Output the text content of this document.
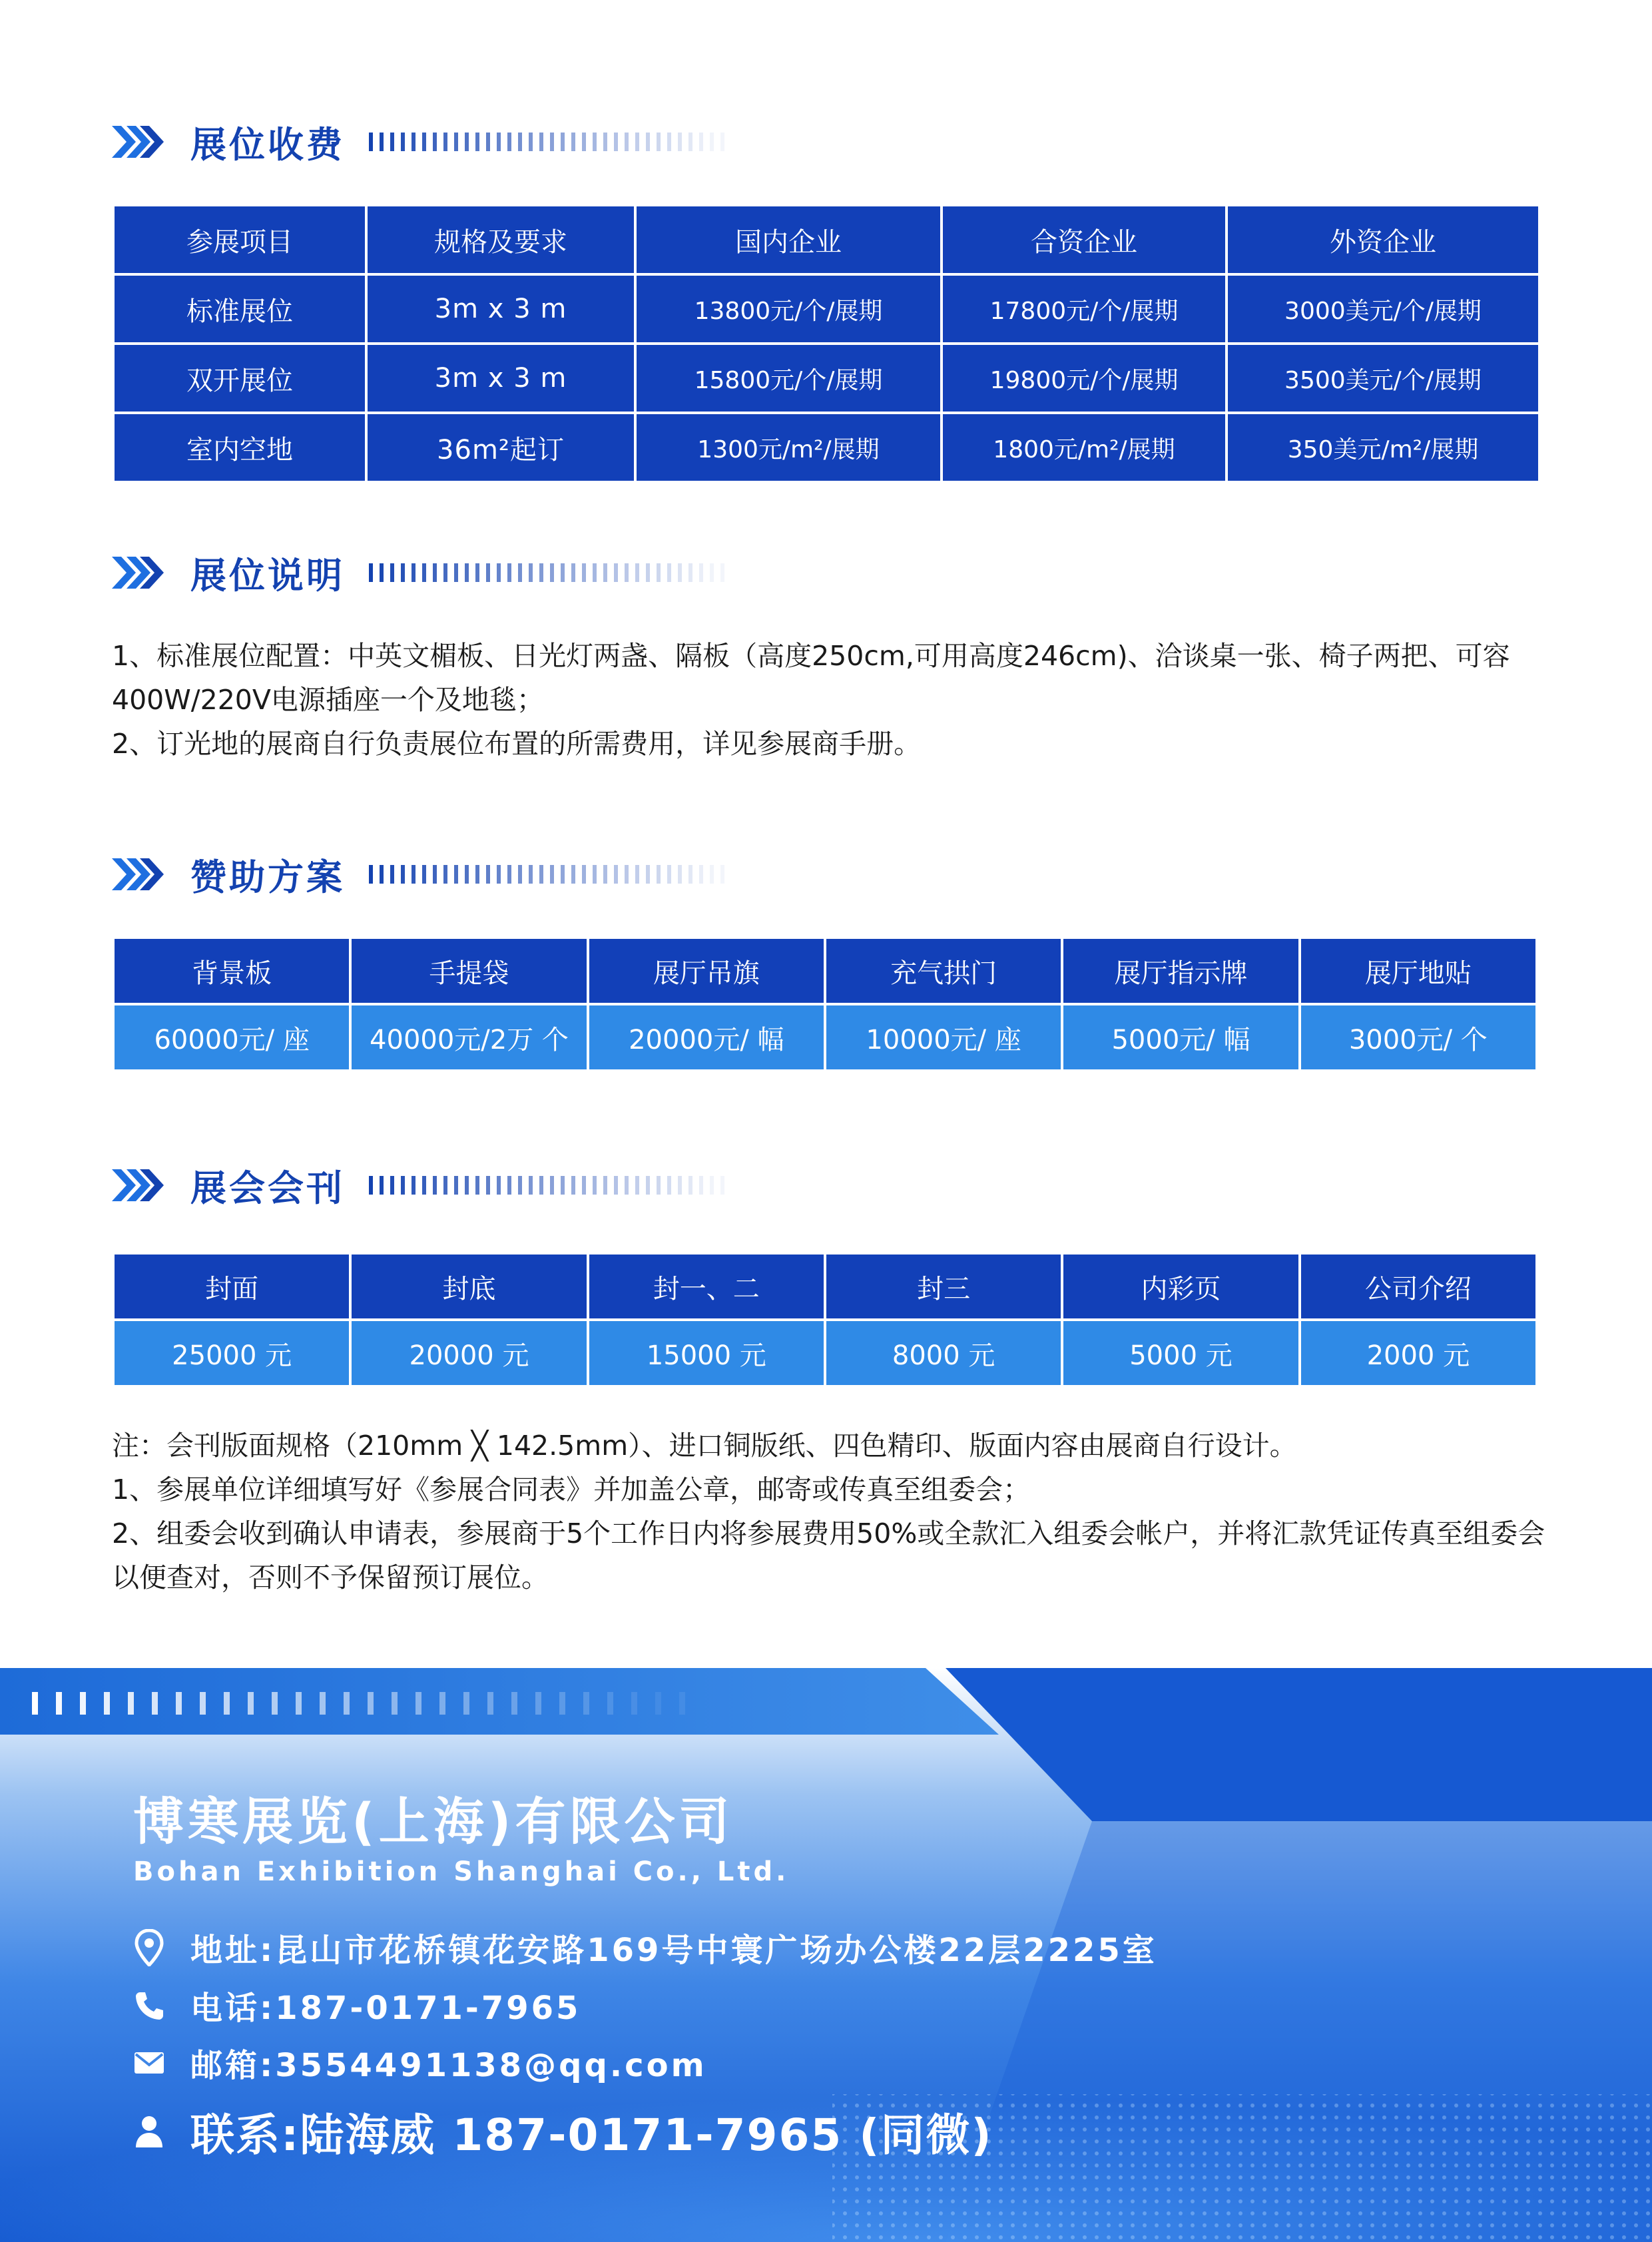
展位收费
参展项目	规格及要求	国内企业	合资企业	外资企业
标准展位	3m x 3 m	13800元/个/展期	17800元/个/展期	3000美元/个/展期
双开展位	3m x 3 m	15800元/个/展期	19800元/个/展期	3500美元/个/展期
室内空地	36m²起订	1300元/m²/展期	1800元/m²/展期	350美元/m²/展期
展位说明

1、标准展位配置：中英文楣板、日光灯两盏、隔板（高度250cm,可用高度246cm)、洽谈桌一张、椅子两把、可容400W/220V电源插座一个及地毯；

2、订光地的展商自行负责展位布置的所需费用，详见参展商手册。

赞助方案
背景板	手提袋	展厅吊旗	充气拱门	展厅指示牌	展厅地贴
60000元/ 座	40000元/2万 个	20000元/ 幅	10000元/ 座	5000元/ 幅	3000元/ 个
展会会刊
封面	封底	封一、二	封三	内彩页	公司介绍
25000 元	20000 元	15000 元	8000 元	5000 元	2000 元

注：会刊版面规格（210mm ╳ 142.5mm）、进口铜版纸、四色精印、版面内容由展商自行设计。

1、参展单位详细填写好《参展合同表》并加盖公章，邮寄或传真至组委会；

2、组委会收到确认申请表，参展商于5个工作日内将参展费用50%或全款汇入组委会帐户，并将汇款凭证传真至组委会以便查对，否则不予保留预订展位。

博寒展览(上海)有限公司
Bohan Exhibition Shanghai Co., Ltd.
地址:昆山市花桥镇花安路169号中寰广场办公楼22层2225室
电话:187-0171-7965
邮箱:3554491138@qq.com
联系:陆海威 187-0171-7965 (同微)
